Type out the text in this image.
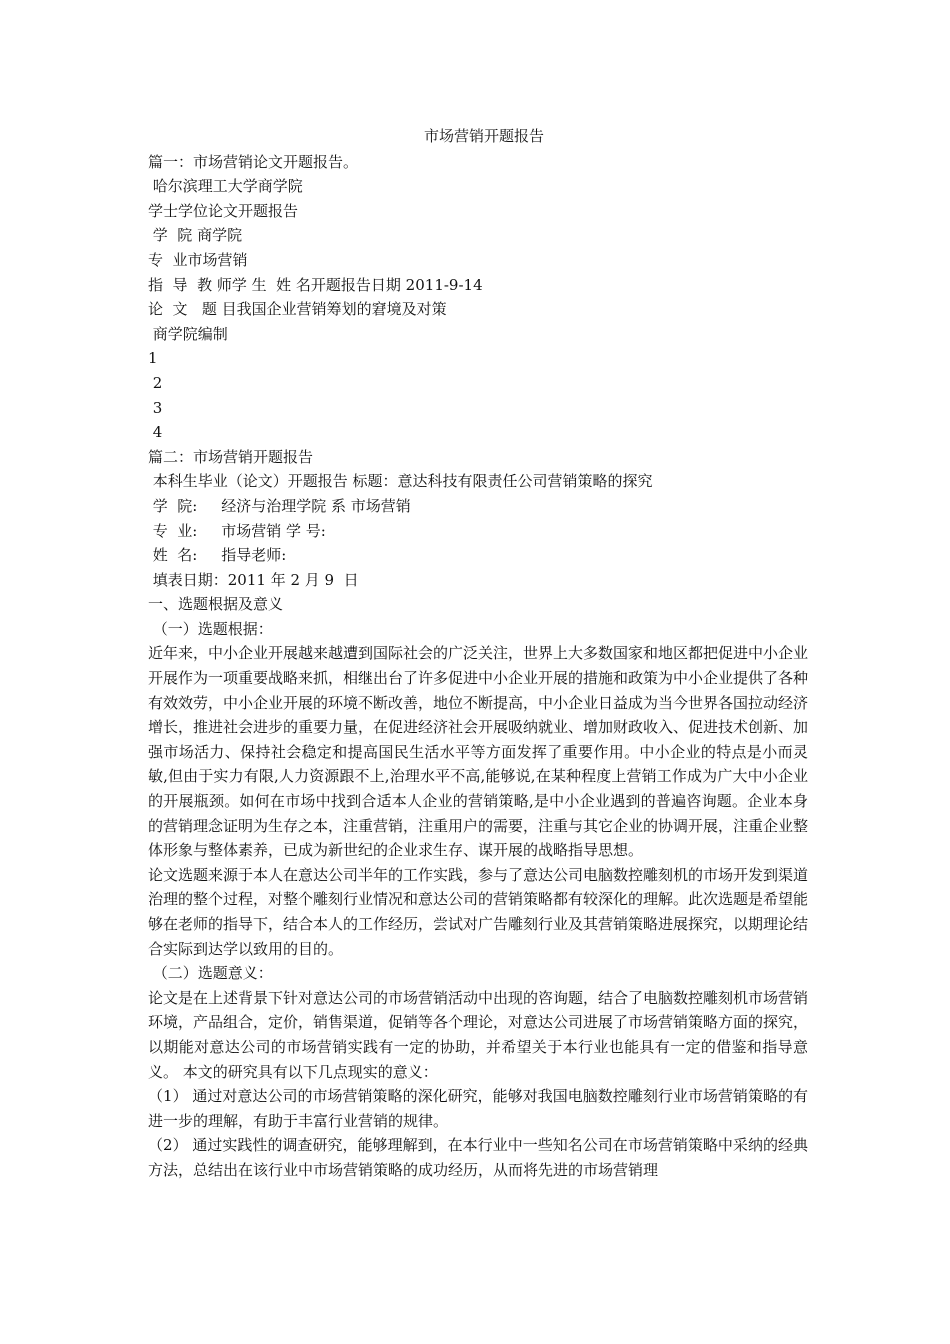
市场营销开题报告
篇一：市场营销论文开题报告。
哈尔滨理工大学商学院
学士学位论文开题报告
学  院 商学院
专  业市场营销
指  导  教 师学 生  姓 名开题报告日期 2011-9-14
论  文   题 目我国企业营销筹划的窘境及对策
商学院编制
1
2
3
4
篇二：市场营销开题报告
本科生毕业（论文）开题报告 标题：意达科技有限责任公司营销策略的探究
学  院:     经济与治理学院 系 市场营销
专  业:     市场营销 学 号:
姓  名:     指导老师:
填表日期：2011 年 2 月 9  日
一、选题根据及意义
（一）选题根据：
近年来，中小企业开展越来越遭到国际社会的广泛关注，世界上大多数国家和地区都把促进中小企业开展作为一项重要战略来抓，相继出台了许多促进中小企业开展的措施和政策为中小企业提供了各种有效效劳，中小企业开展的环境不断改善，地位不断提高，中小企业日益成为当今世界各国拉动经济增长，推进社会进步的重要力量，在促进经济社会开展吸纳就业、增加财政收入、促进技术创新、加强市场活力、保持社会稳定和提高国民生活水平等方面发挥了重要作用。中小企业的特点是小而灵敏,但由于实力有限,人力资源跟不上,治理水平不高,能够说,在某种程度上营销工作成为广大中小企业的开展瓶颈。如何在市场中找到合适本人企业的营销策略,是中小企业遇到的普遍咨询题。企业本身的营销理念证明为生存之本，注重营销，注重用户的需要，注重与其它企业的协调开展，注重企业整体形象与整体素养，已成为新世纪的企业求生存、谋开展的战略指导思想。
论文选题来源于本人在意达公司半年的工作实践，参与了意达公司电脑数控雕刻机的市场开发到渠道治理的整个过程，对整个雕刻行业情况和意达公司的营销策略都有较深化的理解。此次选题是希望能够在老师的指导下，结合本人的工作经历，尝试对广告雕刻行业及其营销策略进展探究，以期理论结合实际到达学以致用的目的。
（二）选题意义：
论文是在上述背景下针对意达公司的市场营销活动中出现的咨询题，结合了电脑数控雕刻机市场营销环境，产品组合，定价，销售渠道，促销等各个理论，对意达公司进展了市场营销策略方面的探究，以期能对意达公司的市场营销实践有一定的协助，并希望关于本行业也能具有一定的借鉴和指导意义。 本文的研究具有以下几点现实的意义：
（1） 通过对意达公司的市场营销策略的深化研究，能够对我国电脑数控雕刻行业市场营销策略的有进一步的理解，有助于丰富行业营销的规律。
（2） 通过实践性的调查研究，能够理解到，在本行业中一些知名公司在市场营销策略中采纳的经典方法，总结出在该行业中市场营销策略的成功经历，从而将先进的市场营销理
